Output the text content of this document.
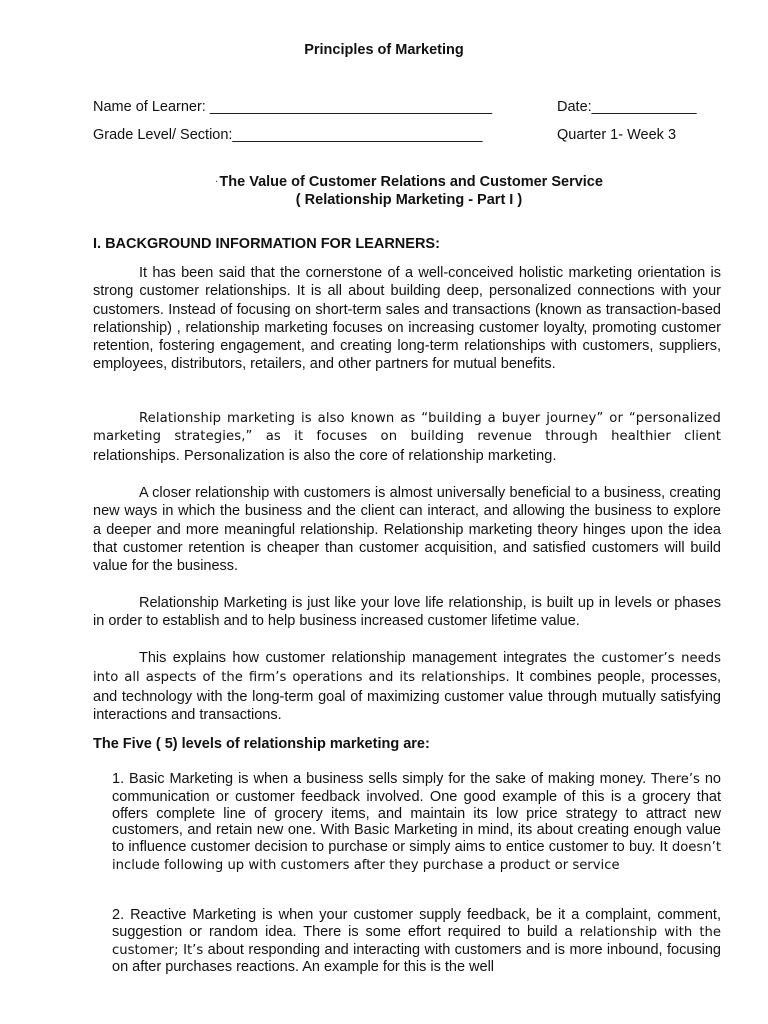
Principles of Marketing
Name of Learner: ___________________________________	Date:_____________
Grade Level/ Section:_______________________________	Quarter 1- Week 3
·The Value of Customer Relations and Customer Service
( Relationship Marketing - Part I )
I. BACKGROUND INFORMATION FOR LEARNERS:
It has been said that the cornerstone of a well-conceived holistic marketing orientation is strong customer relationships. It is all about building deep, personalized connections with your customers. Instead of focusing on short-term sales and transactions (known as transaction-based relationship) , relationship marketing focuses on increasing customer loyalty, promoting customer retention, fostering engagement, and creating long-term relationships with customers, suppliers, employees, distributors, retailers, and other partners for mutual benefits.
Relationship marketing is also known as “building a buyer journey” or “personalized marketing strategies,” as it focuses on building revenue through healthier client relationships. Personalization is also the core of relationship marketing.
A closer relationship with customers is almost universally beneficial to a business, creating new ways in which the business and the client can interact, and allowing the business to explore a deeper and more meaningful relationship. Relationship marketing theory hinges upon the idea that customer retention is cheaper than customer acquisition, and satisfied customers will build value for the business.
Relationship Marketing is just like your love life relationship, is built up in levels or phases in order to establish and to help business increased customer lifetime value.
This explains how customer relationship management integrates the customer’s needs into all aspects of the firm’s operations and its relationships. It combines people, processes, and technology with the long-term goal of maximizing customer value through mutually satisfying interactions and transactions.
The Five ( 5) levels of relationship marketing are:
1. Basic Marketing is when a business sells simply for the sake of making money. There’s no communication or customer feedback involved. One good example of this is a grocery that offers complete line of grocery items, and maintain its low price strategy to attract new customers, and retain new one. With Basic Marketing in mind, its about creating enough value to influence customer decision to purchase or simply aims to entice customer to buy. It doesn’t include following up with customers after they purchase a product or service
2. Reactive Marketing is when your customer supply feedback, be it a complaint, comment, suggestion or random idea. There is some effort required to build a relationship with the customer; It’s about responding and interacting with customers and is more inbound, focusing on after purchases reactions. An example for this is the well
